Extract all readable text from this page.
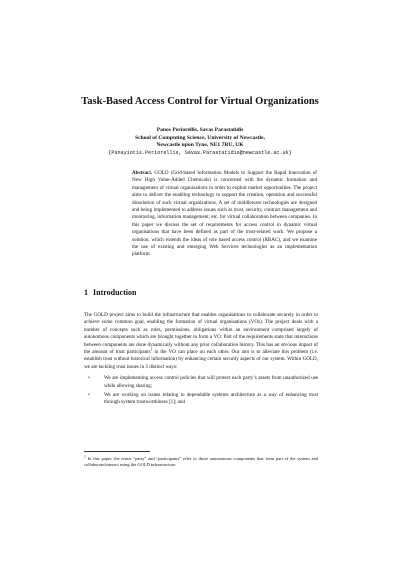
Task-Based Access Control for Virtual Organizations
Panos Periorellis, Savas Parastatidis
School of Computing Science, University of Newcastle,
Newcastle upon Tyne, NE1 7RU, UK
{Panayiotis.Periorellis, Savas.Parastatidis@newcastle.ac.uk}
Abstract. GOLD (Grid-based Information Models to Support the Rapid Innovation of New High Value-Added Chemicals) is concerned with the dynamic formation and management of virtual organizations in order to exploit market opportunities. The project aims to deliver the enabling technology to support the creation, operation and successful dissolution of such virtual organizations. A set of middleware technologies are designed and being implemented to address issues such as trust, security, contract management and monitoring, information management, etc. for virtual collaboration between companies. In this paper we discuss the set of requirements for access control in dynamic virtual organisations that have been defined as part of the trust-related work. We propose a solution, which extends the ideas of role based access control (RBAC), and we examine the use of existing and emerging Web Services technologies as an implementation platform.
1 Introduction

The GOLD project aims to build the infrastructure that enables organisations to collaborate securely in order to achieve some common goal, enabling the formation of virtual organisations (VOs). The project deals with a number of concepts such as roles, permissions, obligations within an environment comprised largely of autonomous components which are brought together to form a VO. Part of the requirements state that interactions between components are done dynamically without any prior collaboration history. This has an obvious impact of the amount of trust participants$^1$ in the VO can place on each other. Our aim is to alleviate this problem (i.e. establish trust without historical information) by enhancing certain security aspects of our system. Within GOLD, we are tackling trust issues in 3 distinct ways:

•	We are implementing access control policies that will protect each party’s assets from unauthorized use while allowing sharing;
•	We are working on issues relating to dependable systems architecture as a way of enhancing trust through system trustworthiness [1]; and
$^1$ In this paper, the terms “party” and “participants” refer to those autonomous components that form part of the system and collaborate/interact using the GOLD infrastructure.
